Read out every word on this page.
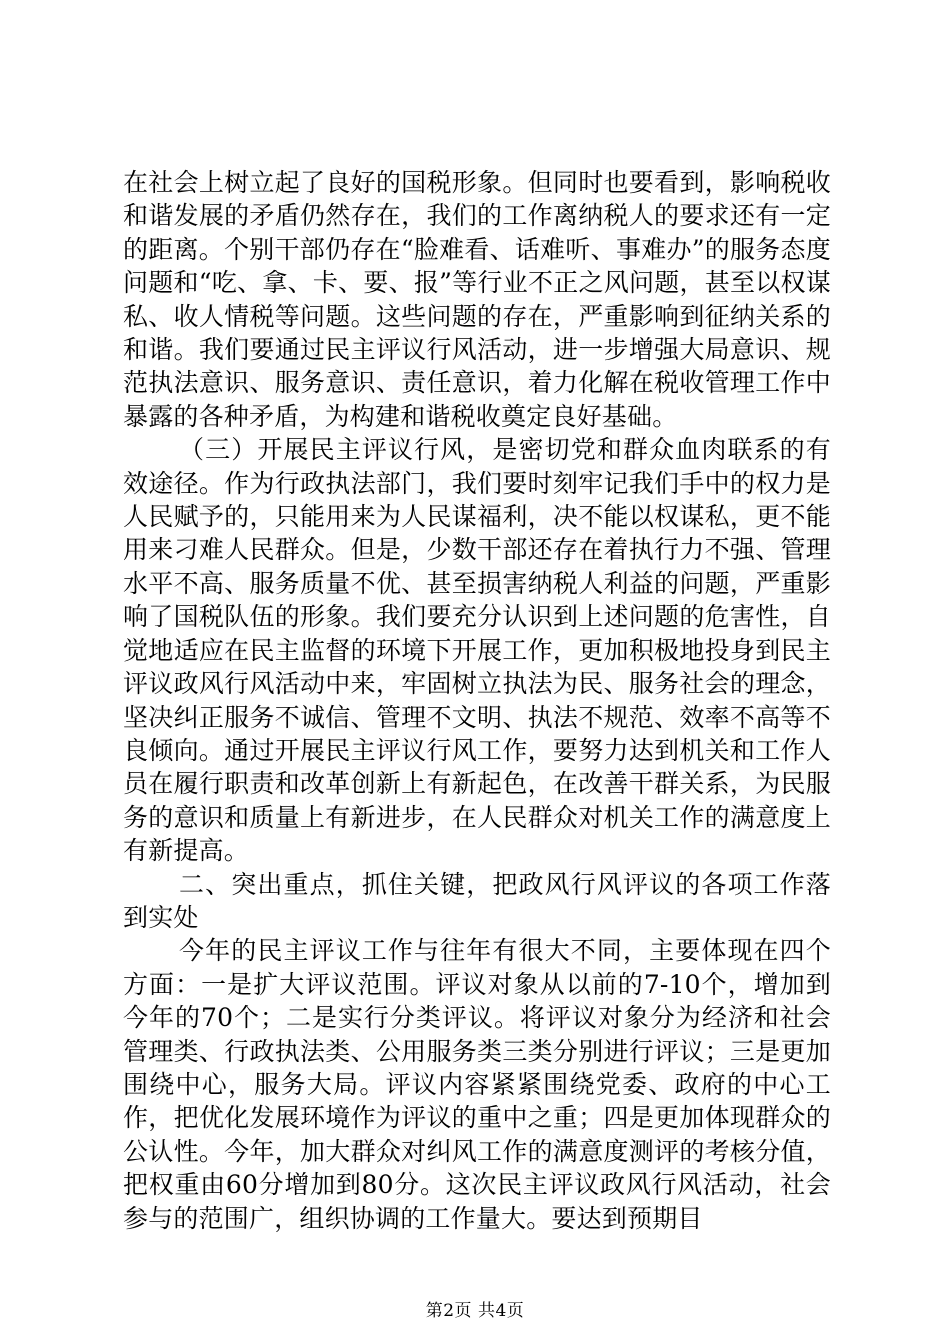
在社会上树立起了良好的国税形象。但同时也要看到，影响税收和谐发展的矛盾仍然存在，我们的工作离纳税人的要求还有一定的距离。个别干部仍存在“脸难看、话难听、事难办”的服务态度问题和“吃、拿、卡、要、报”等行业不正之风问题，甚至以权谋私、收人情税等问题。这些问题的存在，严重影响到征纳关系的和谐。我们要通过民主评议行风活动，进一步增强大局意识、规范执法意识、服务意识、责任意识，着力化解在税收管理工作中暴露的各种矛盾，为构建和谐税收奠定良好基础。

（三）开展民主评议行风，是密切党和群众血肉联系的有效途径。作为行政执法部门，我们要时刻牢记我们手中的权力是人民赋予的，只能用来为人民谋福利，决不能以权谋私，更不能用来刁难人民群众。但是，少数干部还存在着执行力不强、管理水平不高、服务质量不优、甚至损害纳税人利益的问题，严重影响了国税队伍的形象。我们要充分认识到上述问题的危害性，自觉地适应在民主监督的环境下开展工作，更加积极地投身到民主评议政风行风活动中来，牢固树立执法为民、服务社会的理念，坚决纠正服务不诚信、管理不文明、执法不规范、效率不高等不良倾向。通过开展民主评议行风工作，要努力达到机关和工作人员在履行职责和改革创新上有新起色，在改善干群关系，为民服务的意识和质量上有新进步，在人民群众对机关工作的满意度上有新提高。

二、突出重点，抓住关键，把政风行风评议的各项工作落到实处

今年的民主评议工作与往年有很大不同，主要体现在四个方面：一是扩大评议范围。评议对象从以前的7-10个，增加到今年的70个；二是实行分类评议。将评议对象分为经济和社会管理类、行政执法类、公用服务类三类分别进行评议；三是更加围绕中心，服务大局。评议内容紧紧围绕党委、政府的中心工作，把优化发展环境作为评议的重中之重；四是更加体现群众的公认性。今年，加大群众对纠风工作的满意度测评的考核分值，把权重由60分增加到80分。这次民主评议政风行风活动，社会参与的范围广，组织协调的工作量大。要达到预期目

第2页 共4页
